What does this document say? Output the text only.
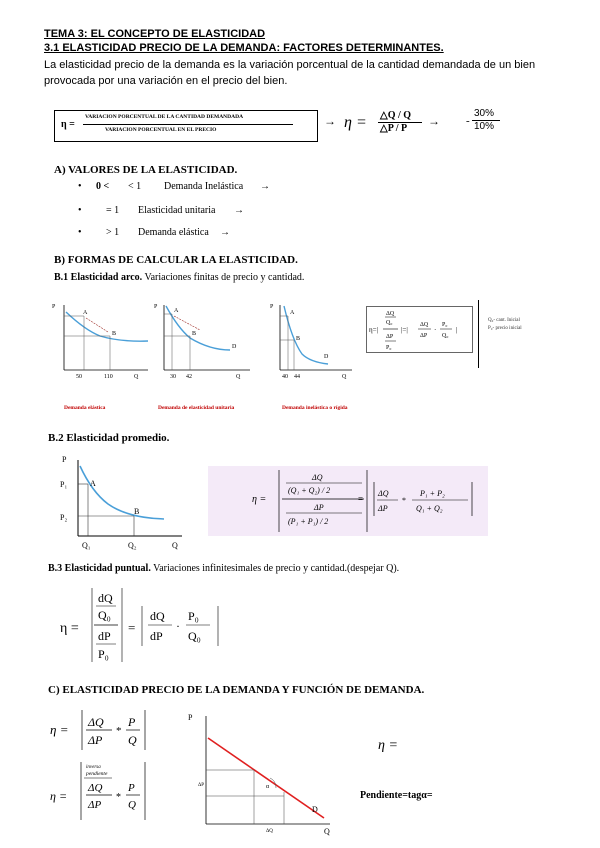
TEMA 3: EL CONCEPTO DE ELASTICIDAD
3.1 ELASTICIDAD PRECIO DE LA DEMANDA: FACTORES DETERMINANTES.
La elasticidad precio de la demanda es la variación porcentual de la cantidad demandada de un bien
provocada por una variación en el precio del bien.
η =
VARIACION PORCENTUAL DE LA CANTIDAD DEMANDADA
VARIACION PORCENTUAL EN EL PRECIO
→ η = △Q / Q
△P / P
→ -
30%
10%
A) VALORES DE LA ELASTICIDAD.
• 0 < < 1 Demanda Inelástica →
• = 1 Elasticidad unitaria →
• > 1 Demanda elástica →
B) FORMAS DE CALCULAR LA ELASTICIDAD.
B.1 Elasticidad arco. Variaciones finitas de precio y cantidad.
P
A
B
50	110	Q
Demanda elástica
P
A
B
D
30 42	Q
Demanda de elasticidad unitaria
P
A
B
D
40 44	Q
Demanda inelástica o rígida
η=|
ΔQ
Q₀
ΔP
P₀
|=|
ΔQ
ΔP
·
P₀
Q₀
|
Q₀- cant. Inicial
P₀- precio inicial
B.2 Elasticidad promedio.
P
P₁
P₂
A
B
Q₁	Q₂	Q
η =
ΔQ
(Q₁ + Q₂) / 2
ΔP
(P₁ + P₁) / 2
=
ΔQ
ΔP
*
P₁ + P₂
Q₁ + Q₂
B.3 Elasticidad puntual. Variaciones infinitesimales de precio y cantidad.(despejar Q).
η =
dQ
Q₀
dP
P₀
=
dQ
dP
·
P₀
Q₀
C) ELASTICIDAD PRECIO DE LA DEMANDA Y FUNCIÓN DE DEMANDA.
η = ΔQ
ΔP
*
P
Q
η =
inversa
pendiente
ΔQ
ΔP
*
P
Q
P
Q
D
ΔP
ΔQ
α
η =
Pendiente=tagα=
